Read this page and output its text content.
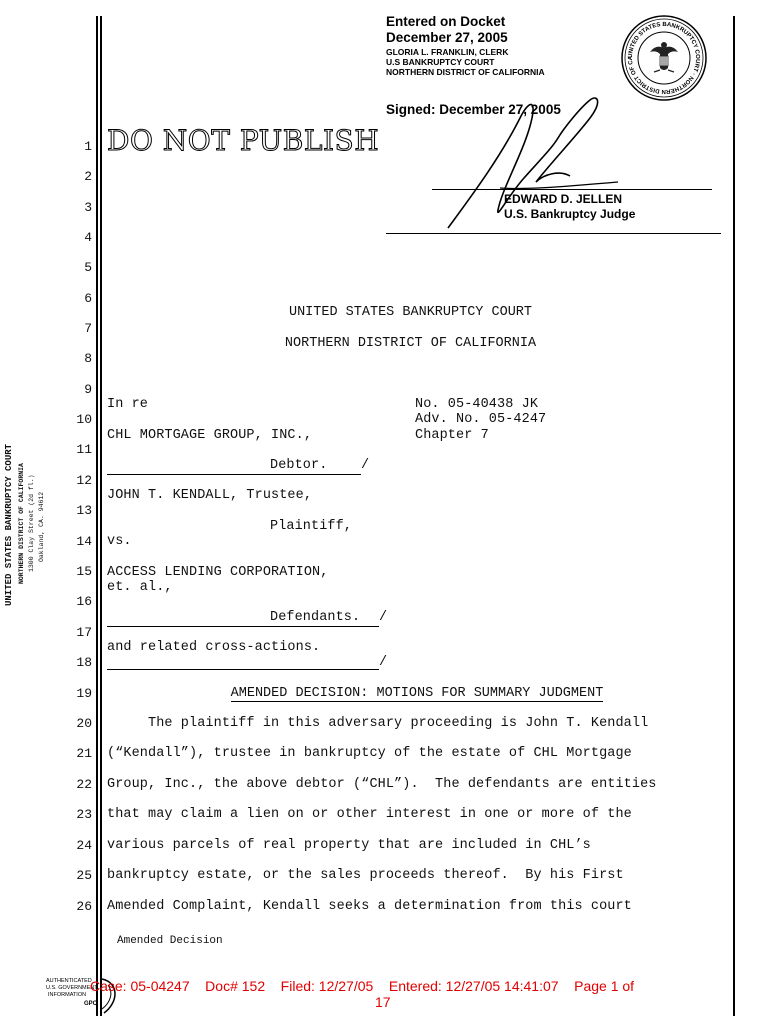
Entered on Docket
December 27, 2005
GLORIA L. FRANKLIN, CLERK
U.S BANKRUPTCY COURT
NORTHERN DISTRICT OF CALIFORNIA
UNITED STATES BANKRUPTCY COURT · NORTHERN DISTRICT OF CA
Signed: December 27, 2005
EDWARD D. JELLEN
U.S. Bankruptcy Judge
DO NOT PUBLISH
1
2
3
4
5
6
7
8
9
10
11
12
13
14
15
16
17
18
19
20
21
22
23
24
25
26
UNITED STATES BANKRUPTCY COURT
NORTHERN DISTRICT OF CALIFORNIA
In re
CHL MORTGAGE GROUP, INC.,
Debtor. /
JOHN T. KENDALL, Trustee,
Plaintiff,
vs.
ACCESS LENDING CORPORATION,
et. al.,
Defendants. /
and related cross-actions.
/
No. 05-40438 JK
Adv. No. 05-4247
Chapter 7
AMENDED DECISION: MOTIONS FOR SUMMARY JUDGMENT
The plaintiff in this adversary proceeding is John T. Kendall
(“Kendall”), trustee in bankruptcy of the estate of CHL Mortgage
Group, Inc., the above debtor (“CHL”).  The defendants are entities
that may claim a lien on or other interest in one or more of the
various parcels of real property that are included in CHL’s
bankruptcy estate, or the sales proceeds thereof.  By his First
Amended Complaint, Kendall seeks a determination from this court
Amended Decision
UNITED STATES BANKRUPTCY COURT NORTHERN DISTRICT OF CALIFORNIA 1300 Clay Street (2d fl.) Oakland, CA. 94612
AUTHENTICATED
U.S. GOVERNMENT
INFORMATION
GPO
Case: 05-04247    Doc# 152    Filed: 12/27/05    Entered: 12/27/05 14:41:07    Page 1 of
17
